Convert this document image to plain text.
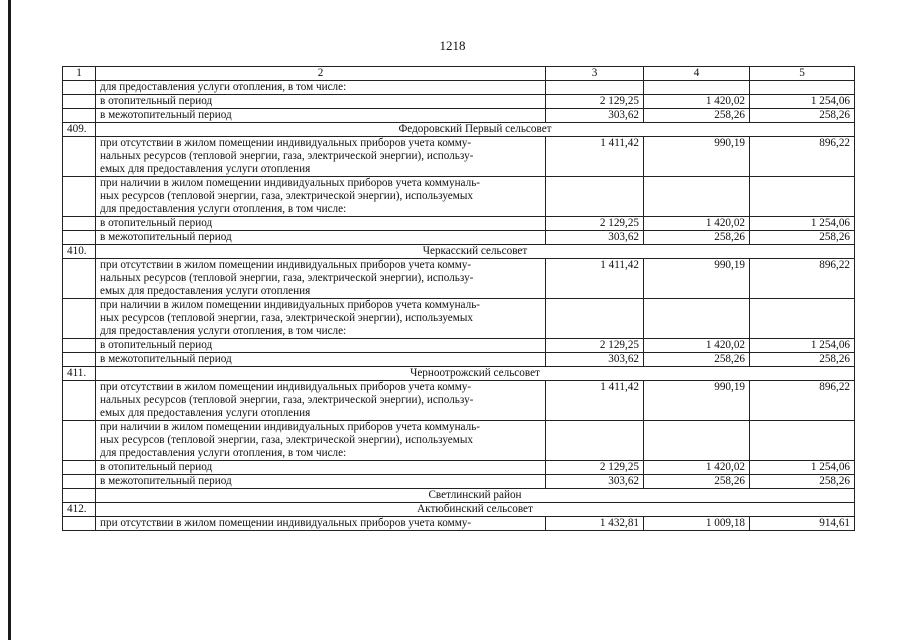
1218
1	2	3	4	5
	для предоставления услуги отопления, в том числе:			
	в отопительный период	2 129,25	1 420,02	1 254,06
	в межотопительный период	303,62	258,26	258,26
409.	Федоровский Первый сельсовет			

	при отсутствии в жилом помещении индивидуальных приборов учета комму-
нальных ресурсов (тепловой энергии, газа, электрической энергии), использу-
емых для предоставления услуги отопления	1 411,42	990,19	896,22

	при наличии в жилом помещении индивидуальных приборов учета коммуналь-
ных ресурсов (тепловой энергии, газа, электрической энергии), используемых
для предоставления услуги отопления, в том числе:			

	в отопительный период	2 129,25	1 420,02	1 254,06
	в межотопительный период	303,62	258,26	258,26
410.	Черкасский сельсовет			

	при отсутствии в жилом помещении индивидуальных приборов учета комму-
нальных ресурсов (тепловой энергии, газа, электрической энергии), использу-
емых для предоставления услуги отопления	1 411,42	990,19	896,22

	при наличии в жилом помещении индивидуальных приборов учета коммуналь-
ных ресурсов (тепловой энергии, газа, электрической энергии), используемых
для предоставления услуги отопления, в том числе:			

	в отопительный период	2 129,25	1 420,02	1 254,06
	в межотопительный период	303,62	258,26	258,26
411.	Черноотрожский сельсовет			

	при отсутствии в жилом помещении индивидуальных приборов учета комму-
нальных ресурсов (тепловой энергии, газа, электрической энергии), использу-
емых для предоставления услуги отопления	1 411,42	990,19	896,22

	при наличии в жилом помещении индивидуальных приборов учета коммуналь-
ных ресурсов (тепловой энергии, газа, электрической энергии), используемых
для предоставления услуги отопления, в том числе:			

	в отопительный период	2 129,25	1 420,02	1 254,06
	в межотопительный период	303,62	258,26	258,26
	Светлинский район			
412.	Актюбинский сельсовет			
	при отсутствии в жилом помещении индивидуальных приборов учета комму-	1 432,81	1 009,18	914,61
